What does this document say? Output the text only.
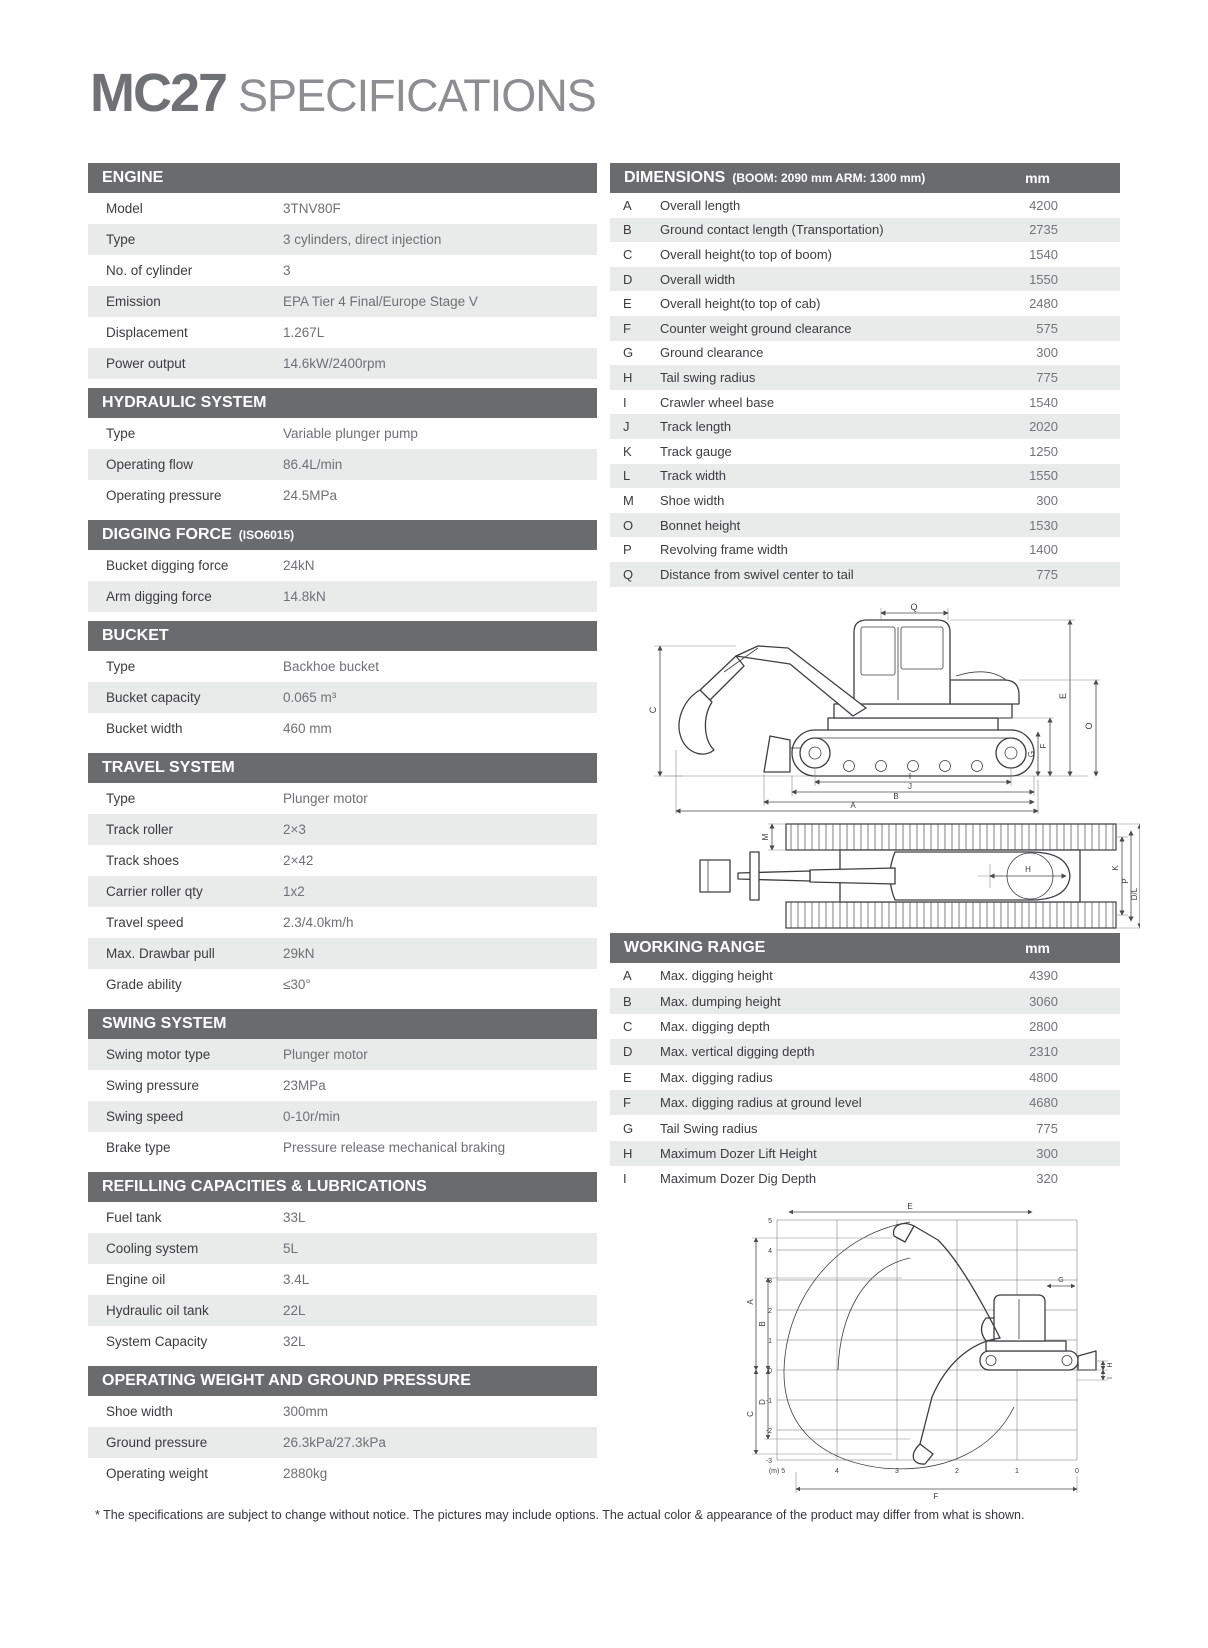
MC27 SPECIFICATIONS
ENGINE
Model	3TNV80F
Type	3 cylinders, direct injection
No. of cylinder	3
Emission	EPA Tier 4 Final/Europe Stage V
Displacement	1.267L
Power output	14.6kW/2400rpm
HYDRAULIC SYSTEM
Type	Variable plunger pump
Operating flow	86.4L/min
Operating pressure	24.5MPa
DIGGING FORCE (ISO6015)
Bucket digging force	24kN
Arm digging force	14.8kN
BUCKET
Type	Backhoe bucket
Bucket capacity	0.065 m³
Bucket width	460 mm
TRAVEL SYSTEM
Type	Plunger motor
Track roller	2×3
Track shoes	2×42
Carrier roller qty	1x2
Travel speed	2.3/4.0km/h
Max. Drawbar pull	29kN
Grade ability	≤30°
SWING SYSTEM
Swing motor type	Plunger motor
Swing pressure	23MPa
Swing speed	0-10r/min
Brake type	Pressure release mechanical braking
REFILLING CAPACITIES & LUBRICATIONS
Fuel tank	33L
Cooling system	5L
Engine oil	3.4L
Hydraulic oil tank	22L
System Capacity	32L
OPERATING WEIGHT AND GROUND PRESSURE
Shoe width	300mm
Ground pressure	26.3kPa/27.3kPa
Operating weight	2880kg
DIMENSIONS (BOOM: 2090 mm ARM: 1300 mm)	mm
A	Overall length	4200
B	Ground contact length (Transportation)	2735
C	Overall height(to top of boom)	1540
D	Overall width	1550
E	Overall height(to top of cab)	2480
F	Counter weight ground clearance	575
G	Ground clearance	300
H	Tail swing radius	775
I	Crawler wheel base	1540
J	Track length	2020
K	Track gauge	1250
L	Track width	1550
M	Shoe width	300
O	Bonnet height	1530
P	Revolving frame width	1400
Q	Distance from swivel center to tail	775
WORKING RANGE	mm
A	Max. digging height	4390
B	Max. dumping height	3060
C	Max. digging depth	2800
D	Max. vertical digging depth	2310
E	Max. digging radius	4800
F	Max. digging radius at ground level	4680
G	Tail Swing radius	775
H	Maximum Dozer Lift Height	300
I	Maximum Dozer Dig Depth	320
Q
C
E
O
F
G
I
J
B
A
M
H	K
P
D/L
5
4
3
2
1
0
-1
-2
-3
(m) 5	4	3	2	1	0
E
A
B
C
D
G
H
I
F
* The specifications are subject to change without notice. The pictures may include options. The actual color & appearance of the product may differ from what is shown.
